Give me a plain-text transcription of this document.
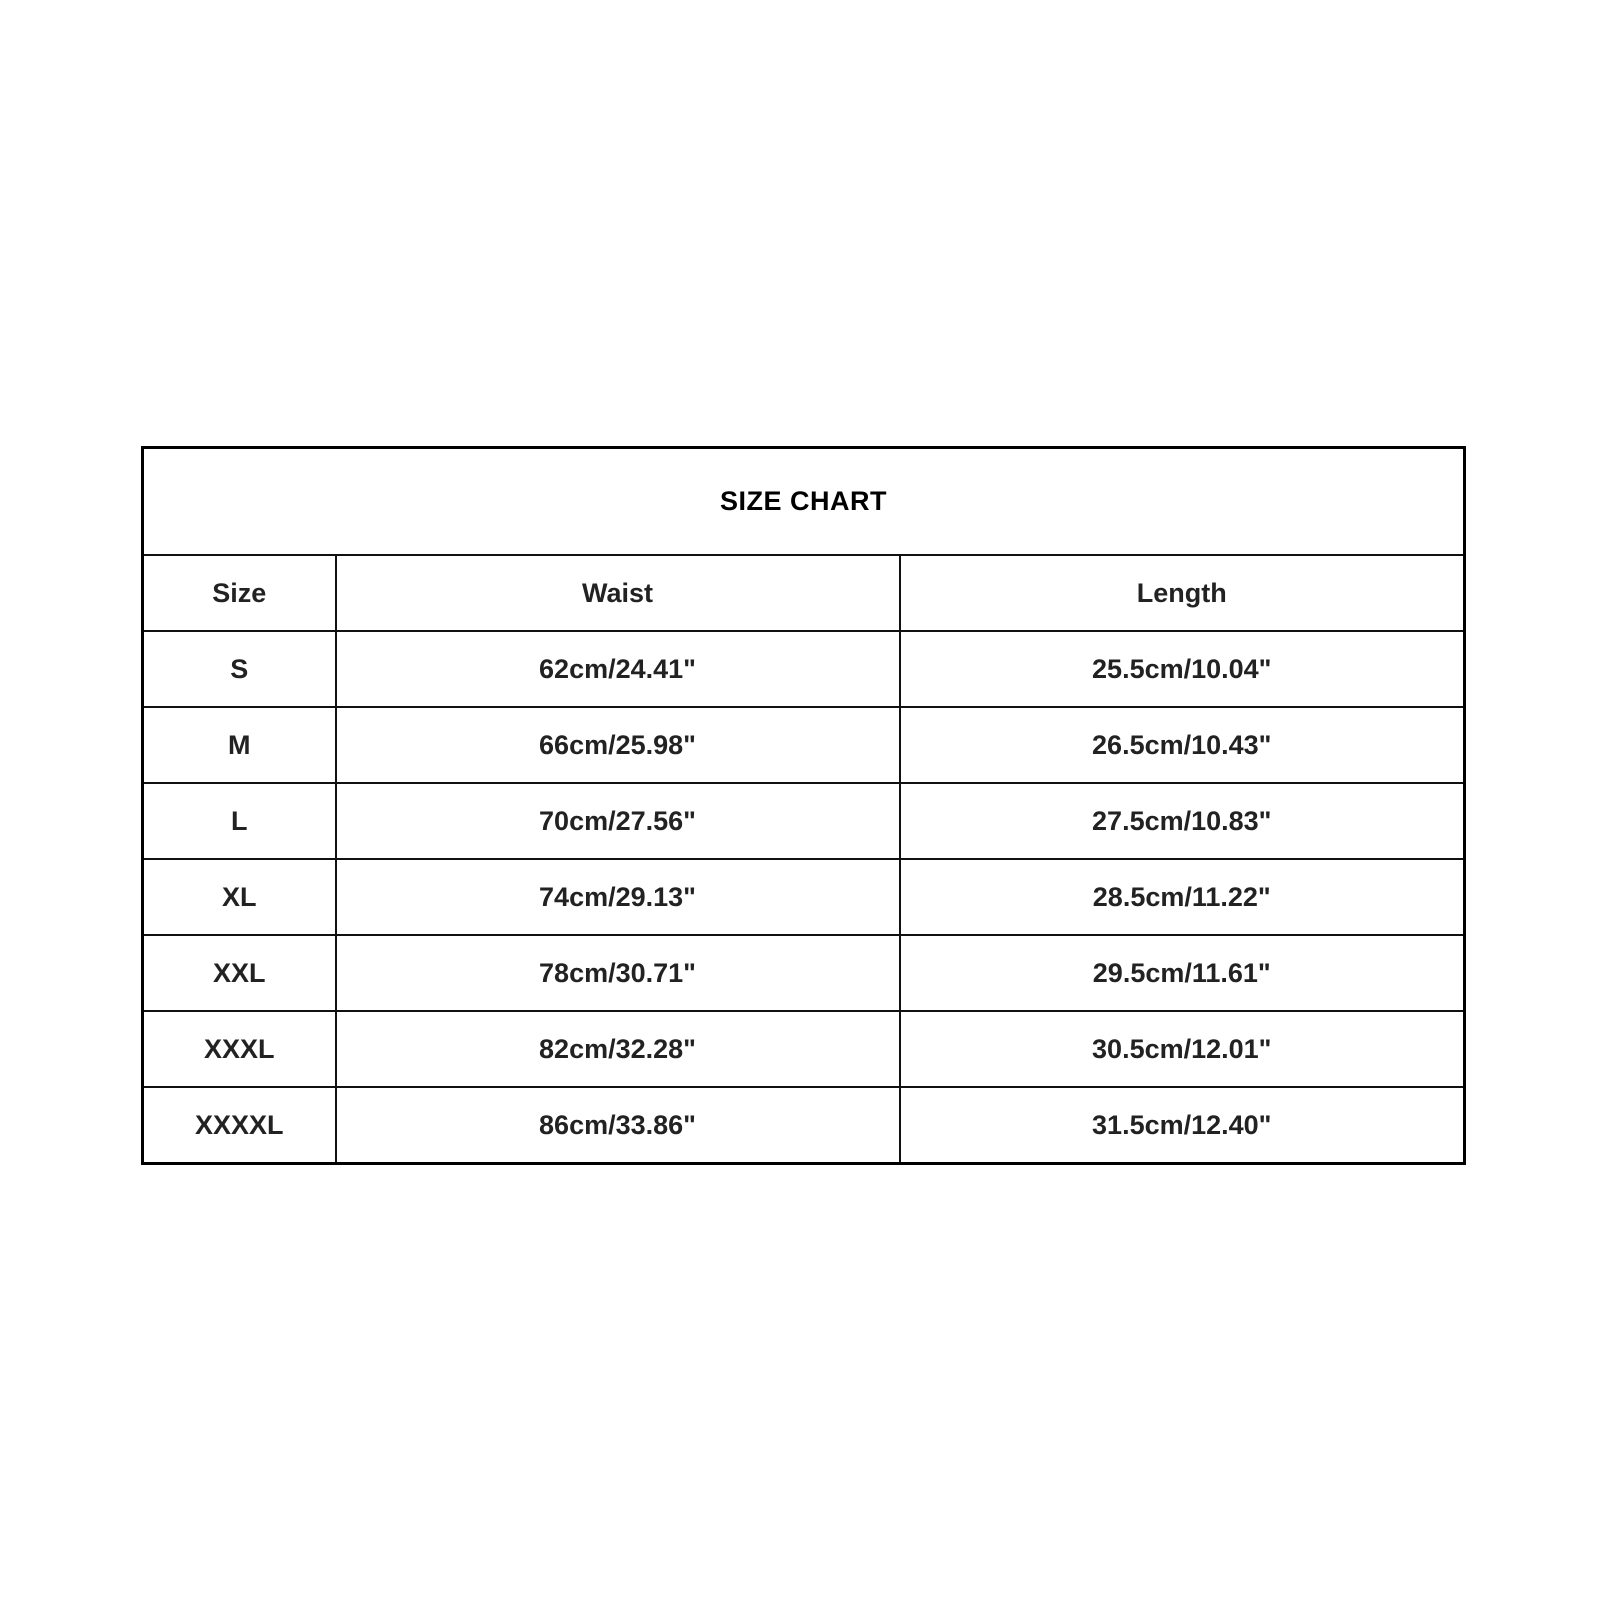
SIZE CHART		
Size	Waist	Length
S	62cm/24.41"	25.5cm/10.04"
M	66cm/25.98"	26.5cm/10.43"
L	70cm/27.56"	27.5cm/10.83"
XL	74cm/29.13"	28.5cm/11.22"
XXL	78cm/30.71"	29.5cm/11.61"
XXXL	82cm/32.28"	30.5cm/12.01"
XXXXL	86cm/33.86"	31.5cm/12.40"
